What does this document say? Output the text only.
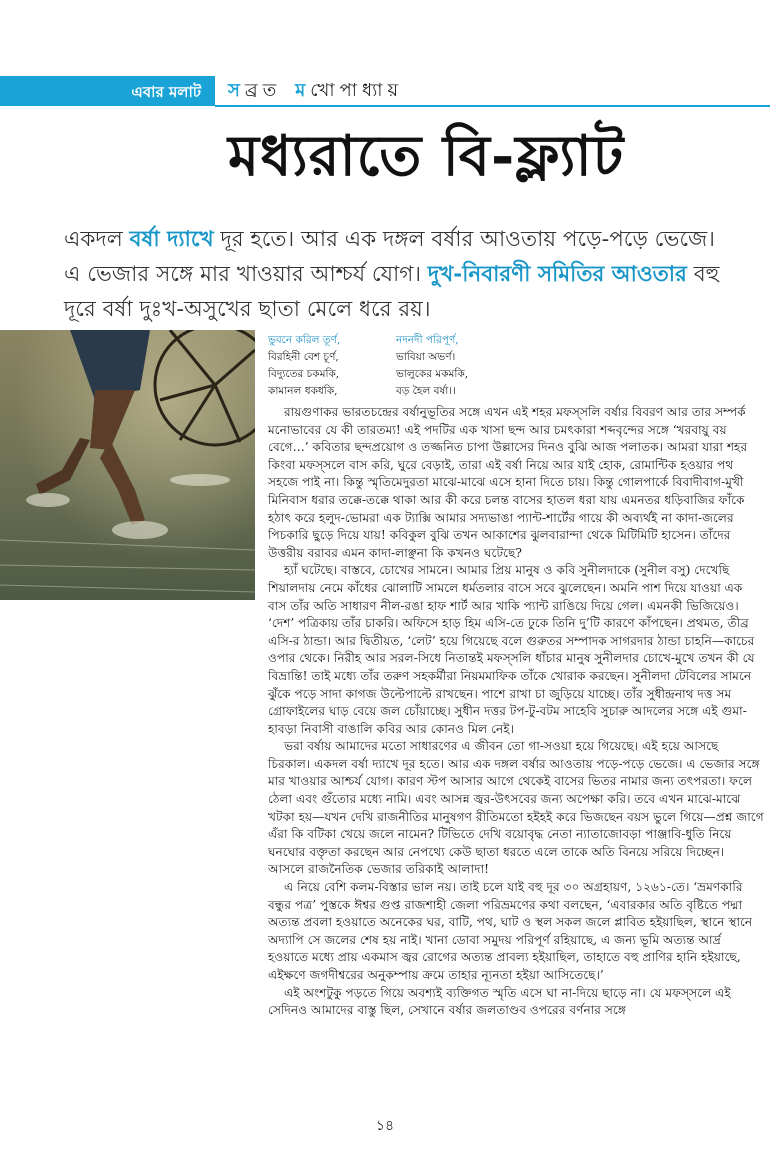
এবার মলাট স ব্রত ম খোপাধ্যায়
মধ্যরাতে বি-ফ্ল্যাট
একদল বর্ষা দ্যাখে দূর হতে। আর এক দঙ্গল বর্ষার আওতায় পড়ে-পড়ে ভেজে। এ ভেজার সঙ্গে মার খাওয়ার আশ্চর্য যোগ। দুখ-নিবারণী সমিতির আওতার বহু দূরে বর্ষা দুঃখ-অসুখের ছাতা মেলে ধরে রয়।
ভুবনে করিল তূর্ণ,	নদনদী পরিপূর্ণ,
বিরহিনী বেশ চূর্ণ,	ভাবিয়া অভর্ণ।
বিদ্যুতের চকমকি,	ভালুকের মকমকি,
কামানল ধকধকি,	বড় হৈল বর্ষা।।

রায়গুণাকর ভারতচন্দ্রের বর্ষানুভূতির সঙ্গে এখন এই শহর মফস্সলি বর্ষার বিবরণ আর তার সম্পর্ক মনোভাবের যে কী তারতম্য! এই পদটির এক খাসা ছন্দ আর চমৎকারা শব্দবৃন্দের সঙ্গে ‘খরবায়ু বয় বেগে…’ কবিতার ছন্দপ্রয়োগ ও তজ্জনিত চাপা উল্লাসের দিনও বুঝি আজ পলাতক। আমরা যারা শহর কিংবা মফস্সলে বাস করি, ঘুরে বেড়াই, তারা এই বর্ষা নিয়ে আর যাই হোক, রোমান্টিক হওয়ার পথ সহজে পাই না। কিন্তু স্মৃতিমেদুরতা মাঝে-মাঝে এসে হানা দিতে চায়। কিন্তু গোলপার্কে বিবাদীবাগ-মুখী মিনিবাস ধরার তক্কে-তক্কে থাকা আর কী করে চলন্ত বাসের হাতল ধরা যায় এমনতর ধড়িবাজির ফাঁকে হঠাৎ করে হলুদ-ভোমরা এক ট্যাক্সি আমার সদ্যভাঙা প্যান্ট-শার্টের গায়ে কী অব্যর্থই না কাদা-জলের পিচকারি ছুড়ে দিয়ে যায়! কবিকুল বুঝি তখন আকাশের ঝুলবারান্দা থেকে মিটিমিটি হাসেন। তাঁদের উত্তরীয় বরাবর এমন কাদা-লাঞ্ছনা কি কখনও ঘটেছে?

হ্যাঁ ঘটেছে। বাস্তবে, চোখের সামনে। আমার প্রিয় মানুষ ও কবি সুনীলদাকে (সুনীল বসু) দেখেছি শিয়ালদায় নেমে কাঁধের ঝোলাটি সামলে ধর্মতলার বাসে সবে ঝুলেছেন। অমনি পাশ দিয়ে যাওয়া এক বাস তাঁর অতি সাধারণ নীল-রঙা হাফ শার্ট আর খাকি প্যান্ট রাঙিয়ে দিয়ে গেল। এমনকী ভিজিয়েও। ‘দেশ’ পত্রিকায় তাঁর চাকরি। অফিসে হাড় হিম এসি-তে ঢুকে তিনি দু’টি কারণে কাঁপছেন। প্রথমত, তীব্র এসি-র ঠান্ডা। আর দ্বিতীয়ত, ‘লেট’ হয়ে গিয়েছে বলে গুরুতর সম্পাদক সাগরদার ঠান্ডা চাহনি—কাচের ওপার থেকে। নিরীহ আর সরল-সিধে নিতান্তই মফস্সলি ধাঁচার মানুষ সুনীলদার চোখে-মুখে তখন কী যে বিভ্রান্তি! তাই মধ্যে তাঁর তরুণ সহকর্মীরা নিয়মমাফিক তাঁকে খোরাক করছেন। সুনীলদা টেবিলের সামনে ঝুঁকে পড়ে সাদা কাগজ উল্টেপাল্টে রাখছেন। পাশে রাখা চা জুড়িয়ে যাচ্ছে। তাঁর সুধীন্দ্রনাথ দত্ত সম গ্রোফাইলের ঘাড় বেয়ে জল চোঁয়াচ্ছে। সুধীন দত্তর টপ-টু-বটম সাহেবি সুচারু আদলের সঙ্গে এই গুমা-হাবড়া নিবাসী বাঙালি কবির আর কোনও মিল নেই।

ভরা বর্ষায় আমাদের মতো সাধারণের এ জীবন তো গা-সওয়া হয়ে গিয়েছে। এই হয়ে আসছে চিরকাল। একদল বর্ষা দ্যাখে দূর হতে। আর এক দঙ্গল বর্ষার আওতায় পড়ে-পড়ে ভেজে। এ ভেজার সঙ্গে মার খাওয়ার আশ্চর্য যোগ। কারণ স্টপ আসার আগে থেকেই বাসের ভিতর নামার জন্য তৎপরতা। ফলে ঠেলা এবং গুঁতোর মধ্যে নামি। এবং আসন্ন জ্বর-উৎসবের জন্য অপেক্ষা করি। তবে এখন মাঝে-মাঝে খটকা হয়—যখন দেখি রাজনীতির মানুষগণ রীতিমতো হইহই করে ভিজছেন বয়স ভুলে গিয়ে—প্রশ্ন জাগে এঁরা কি বটিকা খেয়ে জলে নামেন? টিভিতে দেখি বয়োবৃদ্ধ নেতা ন্যাতাজোবড়া পাঞ্জাবি-ধুতি নিয়ে ঘনঘোর বক্তৃতা করছেন আর নেপথ্যে কেউ ছাতা ধরতে এলে তাকে অতি বিনয়ে সরিয়ে দিচ্ছেন। আসলে রাজনৈতিক ভেজার তরিকাই আলাদা!

এ নিয়ে বেশি কলম-বিস্তার ভাল নয়। তাই চলে যাই বহু দূর ৩০ অগ্রহায়ণ, ১২৬১-তে। ‘ভ্রমণকারি বন্ধুর পত্র’ পুস্তকে ঈশ্বর গুপ্ত রাজশাহী জেলা পরিভ্রমণের কথা বলছেন, ‘এবারকার অতি বৃষ্টিতে পদ্মা অত্যন্ত প্রবলা হওয়াতে অনেকের ঘর, বাটি, পথ, ঘাট ও স্থল সকল জলে প্লাবিত হইয়াছিল, স্থানে স্থানে অদ্যাপি সে জলের শেষ হয় নাই। খানা ডোবা সমুদয় পরিপূর্ণ রহিয়াছে, এ জন্য ভূমি অত্যন্ত আর্দ্র হওয়াতে মধ্যে প্রায় একমাস জ্বর রোগের অত্যন্ত প্রাবল্য হইয়াছিল, তাহাতে বহু প্রাণির হানি হইয়াছে, এইক্ষণে জগদীশ্বরের অনুকম্পায় ক্রমে তাহার ন্যূনতা হইয়া আসিতেছে।’

এই অংশটুকু পড়তে গিয়ে অবশ্যই ব্যক্তিগত স্মৃতি এসে ঘা না-দিয়ে ছাড়ে না। যে মফস্সলে এই সেদিনও আমাদের বাস্তু ছিল, সেখানে বর্ষার জলতাণ্ডব ওপরের বর্ণনার সঙ্গে

১৪
